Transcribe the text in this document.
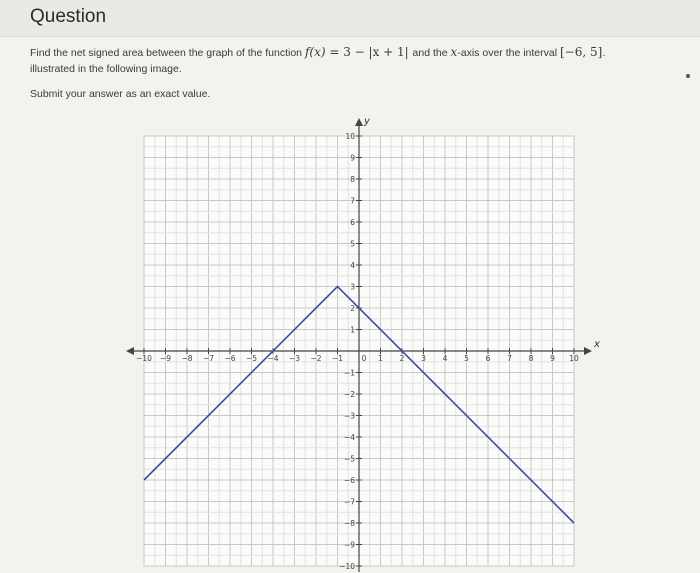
Question
Find the net signed area between the graph of the function f(x) = 3 − |x + 1| and the x-axis over the interval [−6, 5].
illustrated in the following image.
Submit your answer as an exact value.
−10 −9 −8 −7 −6 −5 −4 −3 −2 −1 0 1 2 3 4 5 6 7 8 9 10
−10
−9
−8
−7
−6
−5
−4
−3
−2
−1
1
2
3
4
5
6
7
8
9
10
x
y
